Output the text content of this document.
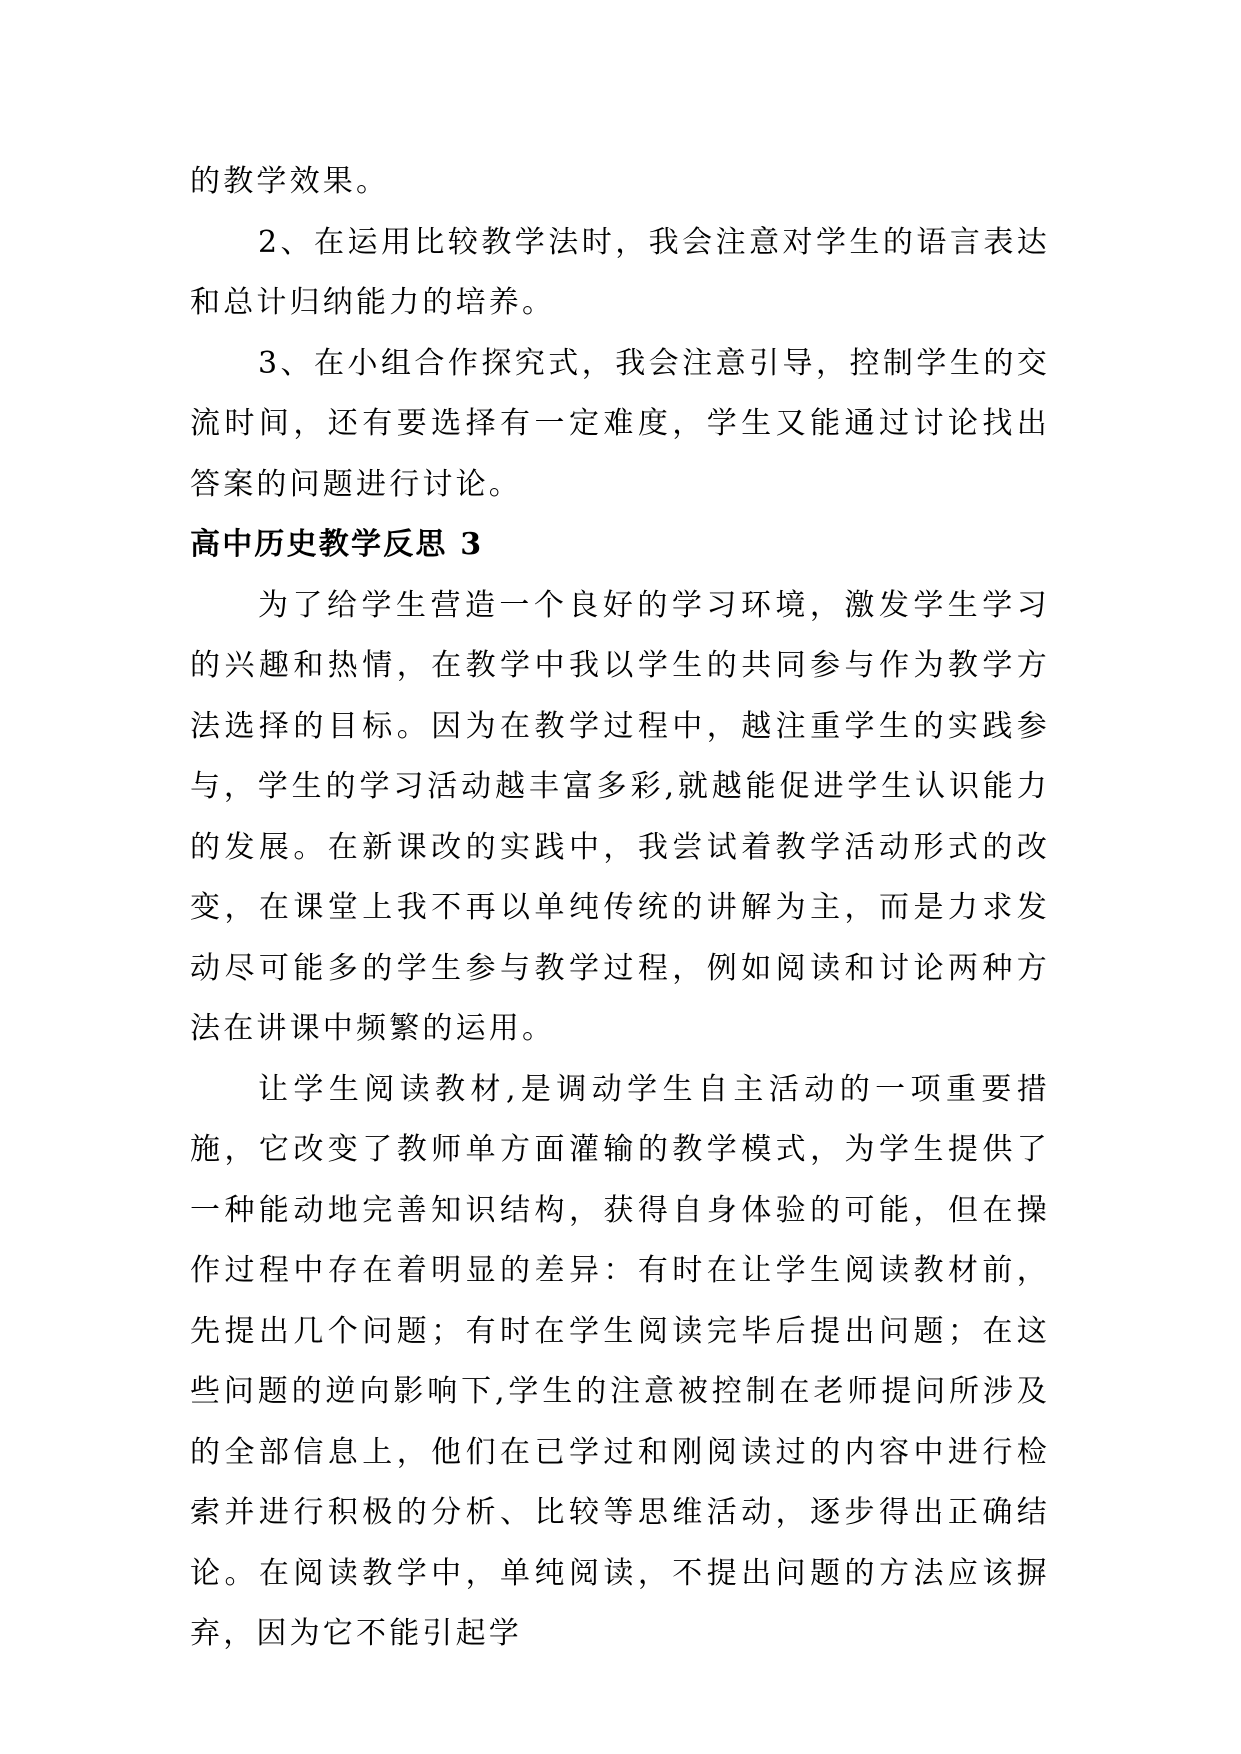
的教学效果。

2、在运用比较教学法时，我会注意对学生的语言表达和总计归纳能力的培养。

3、在小组合作探究式，我会注意引导，控制学生的交流时间，还有要选择有一定难度，学生又能通过讨论找出答案的问题进行讨论。

高中历史教学反思 3

为了给学生营造一个良好的学习环境，激发学生学习的兴趣和热情，在教学中我以学生的共同参与作为教学方法选择的目标。因为在教学过程中，越注重学生的实践参与，学生的学习活动越丰富多彩,就越能促进学生认识能力的发展。在新课改的实践中，我尝试着教学活动形式的改变，在课堂上我不再以单纯传统的讲解为主，而是力求发动尽可能多的学生参与教学过程，例如阅读和讨论两种方法在讲课中频繁的运用。

让学生阅读教材,是调动学生自主活动的一项重要措施，它改变了教师单方面灌输的教学模式，为学生提供了一种能动地完善知识结构，获得自身体验的可能，但在操作过程中存在着明显的差异：有时在让学生阅读教材前，先提出几个问题；有时在学生阅读完毕后提出问题；在这些问题的逆向影响下,学生的注意被控制在老师提问所涉及的全部信息上，他们在已学过和刚阅读过的内容中进行检索并进行积极的分析、比较等思维活动，逐步得出正确结论。在阅读教学中，单纯阅读，不提出问题的方法应该摒弃，因为它不能引起学
